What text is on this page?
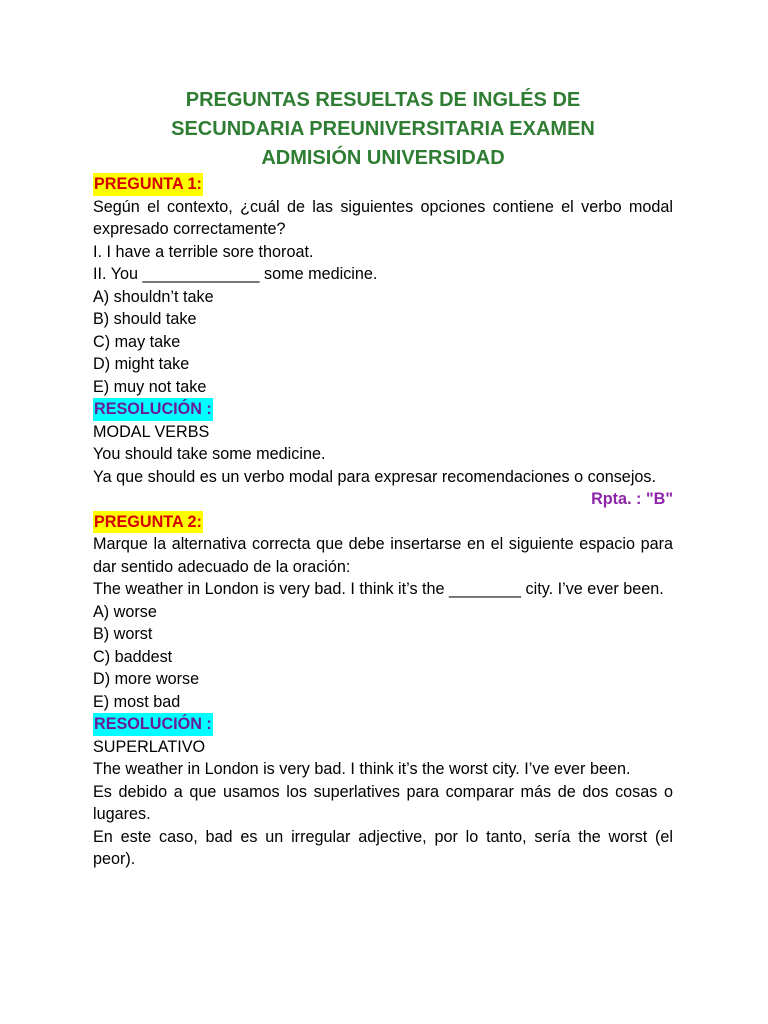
PREGUNTAS RESUELTAS DE INGLÉS DE
SECUNDARIA PREUNIVERSITARIA EXAMEN
ADMISIÓN UNIVERSIDAD
PREGUNTA 1:
Según el contexto, ¿cuál de las siguientes opciones contiene el verbo modal expresado correctamente?
I. I have a terrible sore thoroat.
II. You _____________ some medicine.
A) shouldn’t take
B) should take
C) may take
D) might take
E) muy not take
RESOLUCIÓN :
MODAL VERBS
You should take some medicine.
Ya que should es un verbo modal para expresar recomendaciones o consejos.
Rpta. : "B"
PREGUNTA 2:
Marque la alternativa correcta que debe insertarse en el siguiente espacio para dar sentido adecuado de la oración:
The weather in London is very bad. I think it’s the ________ city. I’ve ever been.
A) worse
B) worst
C) baddest
D) more worse
E) most bad
RESOLUCIÓN :
SUPERLATIVO
The weather in London is very bad. I think it’s the worst city. I’ve ever been.
Es debido a que usamos los superlatives para comparar más de dos cosas o lugares.
En este caso, bad es un irregular adjective, por lo tanto, sería the worst (el peor).
